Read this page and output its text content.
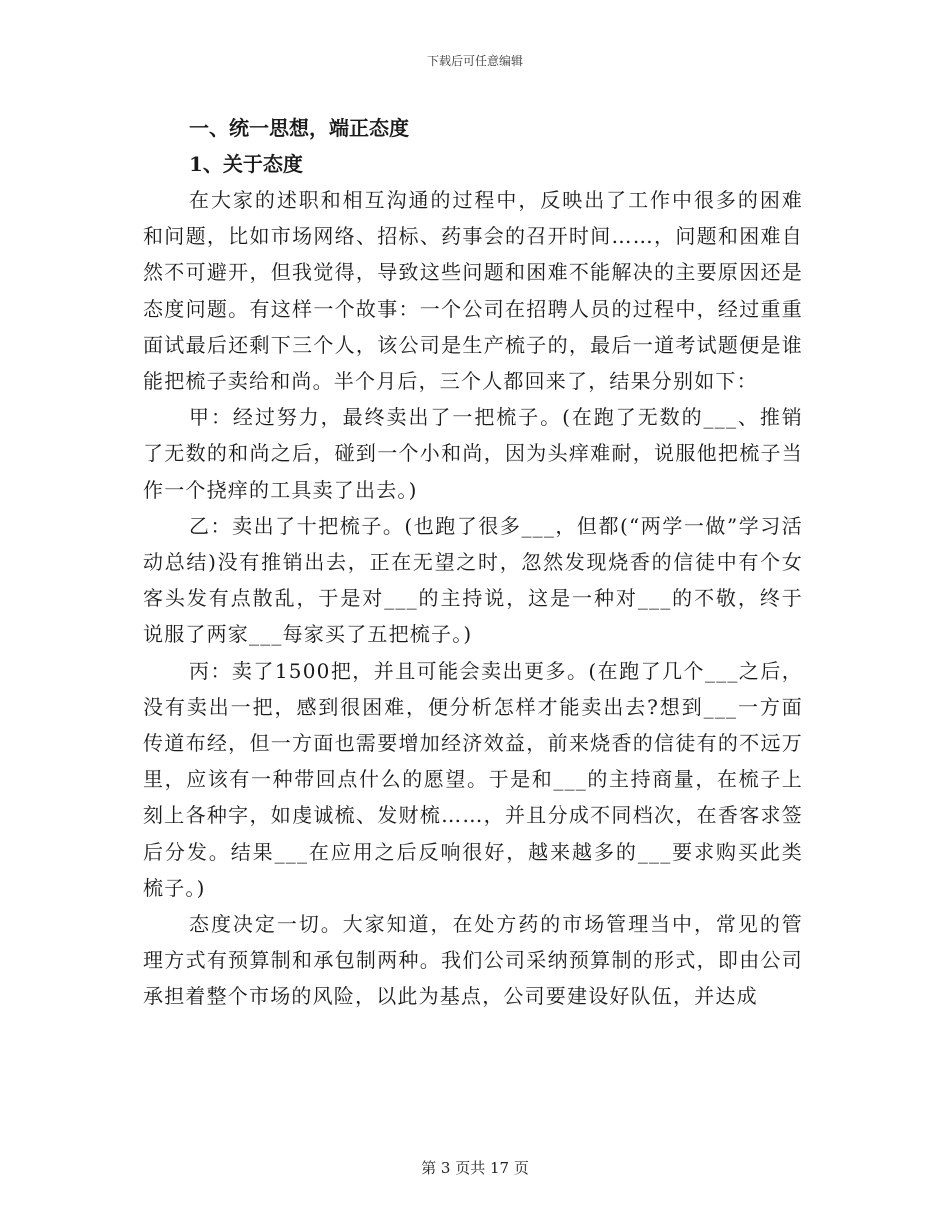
下载后可任意编辑

一、统一思想，端正态度

1、关于态度

在大家的述职和相互沟通的过程中，反映出了工作中很多的困难和问题，比如市场网络、招标、药事会的召开时间……，问题和困难自然不可避开，但我觉得，导致这些问题和困难不能解决的主要原因还是态度问题。有这样一个故事：一个公司在招聘人员的过程中，经过重重面试最后还剩下三个人，该公司是生产梳子的，最后一道考试题便是谁能把梳子卖给和尚。半个月后，三个人都回来了，结果分别如下：

甲：经过努力，最终卖出了一把梳子。(在跑了无数的___、推销了无数的和尚之后，碰到一个小和尚，因为头痒难耐，说服他把梳子当作一个挠痒的工具卖了出去。)

乙：卖出了十把梳子。(也跑了很多___，但都(“两学一做”学习活动总结)没有推销出去，正在无望之时，忽然发现烧香的信徒中有个女客头发有点散乱，于是对___的主持说，这是一种对___的不敬，终于说服了两家___每家买了五把梳子。)

丙：卖了1500把，并且可能会卖出更多。(在跑了几个___之后，没有卖出一把，感到很困难，便分析怎样才能卖出去?想到___一方面传道布经，但一方面也需要增加经济效益，前来烧香的信徒有的不远万里，应该有一种带回点什么的愿望。于是和___的主持商量，在梳子上刻上各种字，如虔诚梳、发财梳……，并且分成不同档次，在香客求签后分发。结果___在应用之后反响很好，越来越多的___要求购买此类梳子。)

态度决定一切。大家知道，在处方药的市场管理当中，常见的管理方式有预算制和承包制两种。我们公司采纳预算制的形式，即由公司承担着整个市场的风险，以此为基点，公司要建设好队伍，并达成

第 3 页共 17 页
